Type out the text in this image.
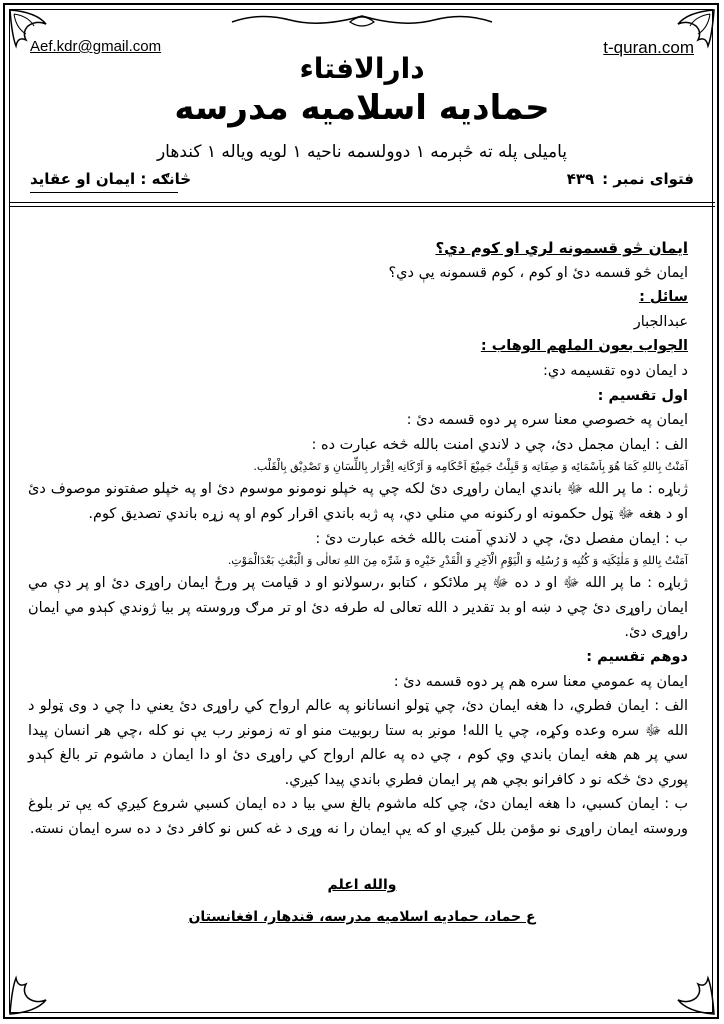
Aef.kdr@gmail.com	t-quran.com
دارالافتاء
حمادیه اسلامیه مدرسه
پامیلی پله ته څېرمه ۱ دوولسمه ناحیه ۱ لویه ویاله ۱ کندهار
فتوای نمبر :۴۳۹
څانګه : ایمان او عقاید

ایمان څو قسمونه لري او کوم دي؟

ایمان څو قسمه دئ او کوم ، کوم قسمونه یې دي؟

سائل :

عبدالجبار

الجواب بعون الملهم الوهاب :

د ایمان دوه تقسیمه دي:

اول تقسیم :

ایمان په خصوصي معنا سره پر دوه قسمه دئ :

الف : ایمان مجمل دئ، چي د لاندي امنت بالله څخه عبارت ده :

آمَنْتُ بِاللهِ کَمَا هُوَ بِاَسْمَائِه وَ صِفَاتِه وَ قَبِلْتُ جَمِیْعَ اَحْکَامِه وَ اَرْکَانِه اِقْرَار بِاللِّسَانِ وَ تَصْدِیْق بِالْقَلْب.

ژباړه : ما پر الله ﷻ باندي ایمان راوړی دئ لکه چي په خپلو نومونو موسوم دئ او په خپلو صفتونو موصوف دئ او د هغه ﷻ ټول حکمونه او رکنونه مي منلي دي، په ژبه باندي اقرار کوم او په زړه باندي تصدیق کوم.

ب : ایمان مفصل دئ، چي د لاندي آمنت بالله څخه عبارت دئ :

آمَنْتُ بِاللهِ وَ مَلٰئِکَتِه وَ کُتُبِه وَ رُسُلِه وَ الْیَوْمِ الْآخِرِ وَ الْقَدْرِ خَیْرِه وَ شَرِّه مِنَ اللهِ تعالٰی وَ الْبَعْثِ بَعْدَالْمَوْتِ.

ژباړه : ما پر الله ﷻ او د ده ﷻ پر ملائکو ، کتابو ،رسولانو او د قیامت پر ورځ ایمان راوړی دئ او پر دې مي ایمان راوړی دئ چي د ښه او بد تقدیر د الله تعالی له طرفه دئ او تر مرګ وروسته پر بیا ژوندي کېدو مي ایمان راوړی دئ.

دوهم تقسیم :

ایمان په عمومي معنا سره هم پر دوه قسمه دئ :

الف : ایمان فطري، دا هغه ایمان دئ، چي ټولو انسانانو په عالم ارواح کي راوړی دئ یعني دا چي د وی ټولو د الله ﷻ سره وعده وکړه، چي یا الله! مونږ به ستا ربوبیت منو او ته زمونږ رب یې نو کله ،چي هر انسان پیدا سي پر هم هغه ایمان باندي وي کوم ، چي ده په عالم ارواح کي راوړی دئ او دا ایمان د ماشوم تر بالغ کېدو پوري دئ څکه نو د کافرانو بچي هم پر ایمان فطري باندي پیدا کیږي.

ب : ایمان کسبي، دا هغه ایمان دئ، چي کله ماشوم بالغ سي بیا د ده ایمان کسبي شروع کیږي که یې تر بلوغ وروسته ایمان راوړی نو مؤمن بلل کیږي او که یې ایمان را نه وړی د غه کس نو کافر دئ د ده سره ایمان نسته.

والله اعلم
ع حماد، حمادیه اسلامیه مدرسه، قندهار، افغانستان
